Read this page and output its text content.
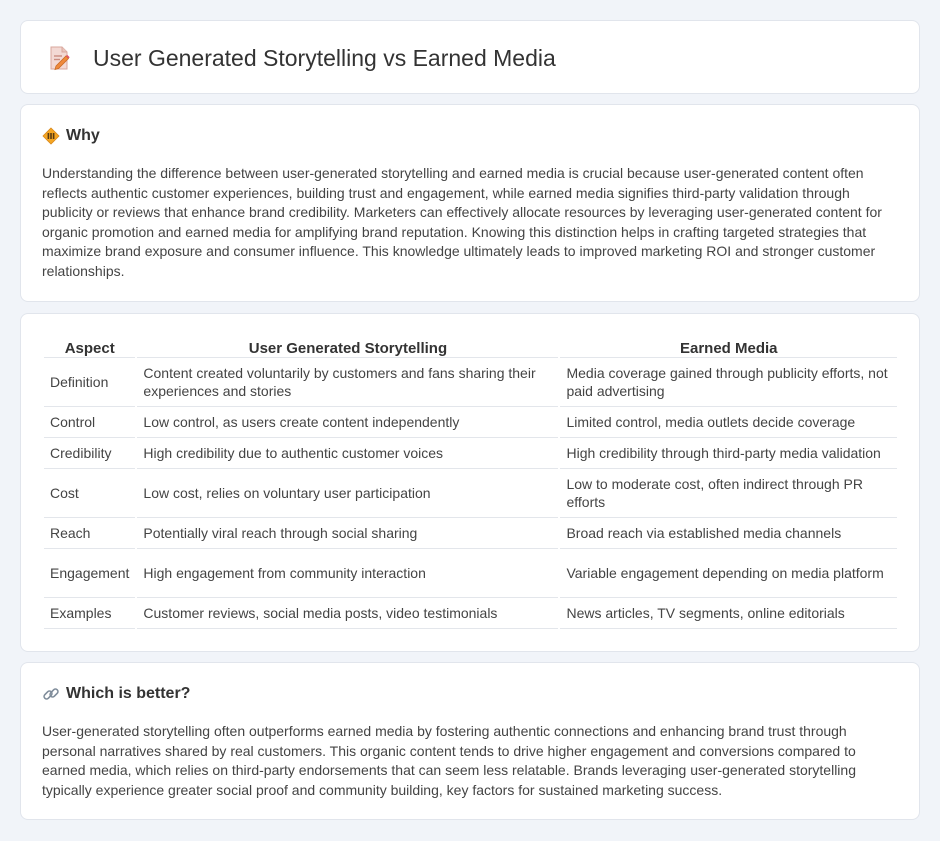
User Generated Storytelling vs Earned Media
Why

Understanding the difference between user-generated storytelling and earned media is crucial because user-generated content often reflects authentic customer experiences, building trust and engagement, while earned media signifies third-party validation through publicity or reviews that enhance brand credibility. Marketers can effectively allocate resources by leveraging user-generated content for organic promotion and earned media for amplifying brand reputation. Knowing this distinction helps in crafting targeted strategies that maximize brand exposure and consumer influence. This knowledge ultimately leads to improved marketing ROI and stronger customer relationships.

Aspect	User Generated Storytelling	Earned Media
Definition	Content created voluntarily by customers and fans sharing their experiences and stories	Media coverage gained through publicity efforts, not paid advertising
Control	Low control, as users create content independently	Limited control, media outlets decide coverage
Credibility	High credibility due to authentic customer voices	High credibility through third-party media validation
Cost	Low cost, relies on voluntary user participation	Low to moderate cost, often indirect through PR efforts
Reach	Potentially viral reach through social sharing	Broad reach via established media channels
Engagement	High engagement from community interaction	Variable engagement depending on media platform
Examples	Customer reviews, social media posts, video testimonials	News articles, TV segments, online editorials
Which is better?

User-generated storytelling often outperforms earned media by fostering authentic connections and enhancing brand trust through personal narratives shared by real customers. This organic content tends to drive higher engagement and conversions compared to earned media, which relies on third-party endorsements that can seem less relatable. Brands leveraging user-generated storytelling typically experience greater social proof and community building, key factors for sustained marketing success.
